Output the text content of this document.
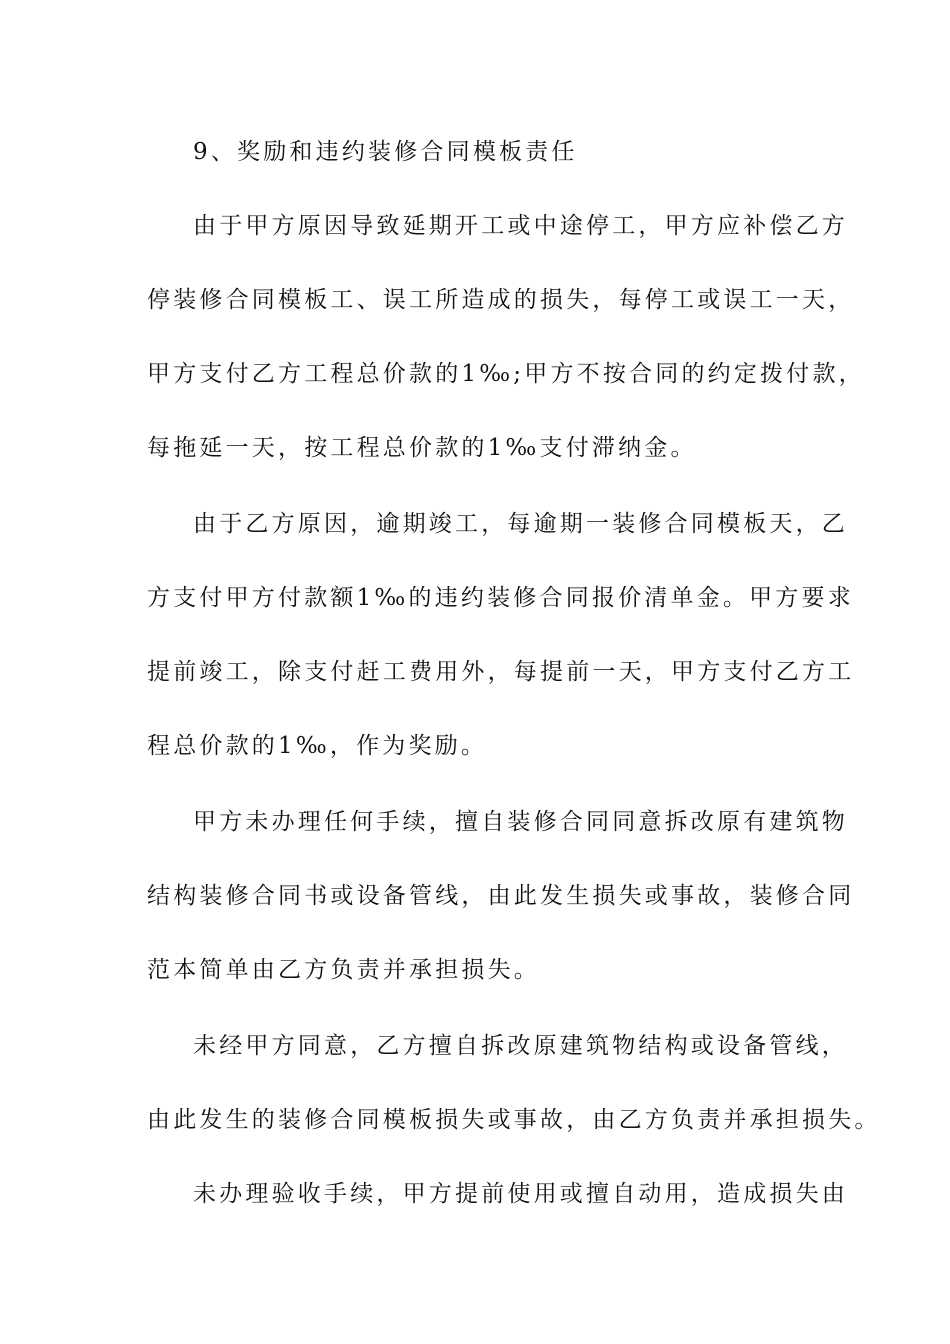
9、奖励和违约装修合同模板责任
由于甲方原因导致延期开工或中途停工，甲方应补偿乙方
停装修合同模板工、误工所造成的损失，每停工或误工一天，
甲方支付乙方工程总价款的1‰;甲方不按合同的约定拨付款，
每拖延一天，按工程总价款的1‰支付滞纳金。
由于乙方原因，逾期竣工，每逾期一装修合同模板天，乙
方支付甲方付款额1‰的违约装修合同报价清单金。甲方要求
提前竣工，除支付赶工费用外，每提前一天，甲方支付乙方工
程总价款的1‰，作为奖励。
甲方未办理任何手续，擅自装修合同同意拆改原有建筑物
结构装修合同书或设备管线，由此发生损失或事故，装修合同
范本简单由乙方负责并承担损失。
未经甲方同意，乙方擅自拆改原建筑物结构或设备管线，
由此发生的装修合同模板损失或事故，由乙方负责并承担损失。
未办理验收手续，甲方提前使用或擅自动用，造成损失由
